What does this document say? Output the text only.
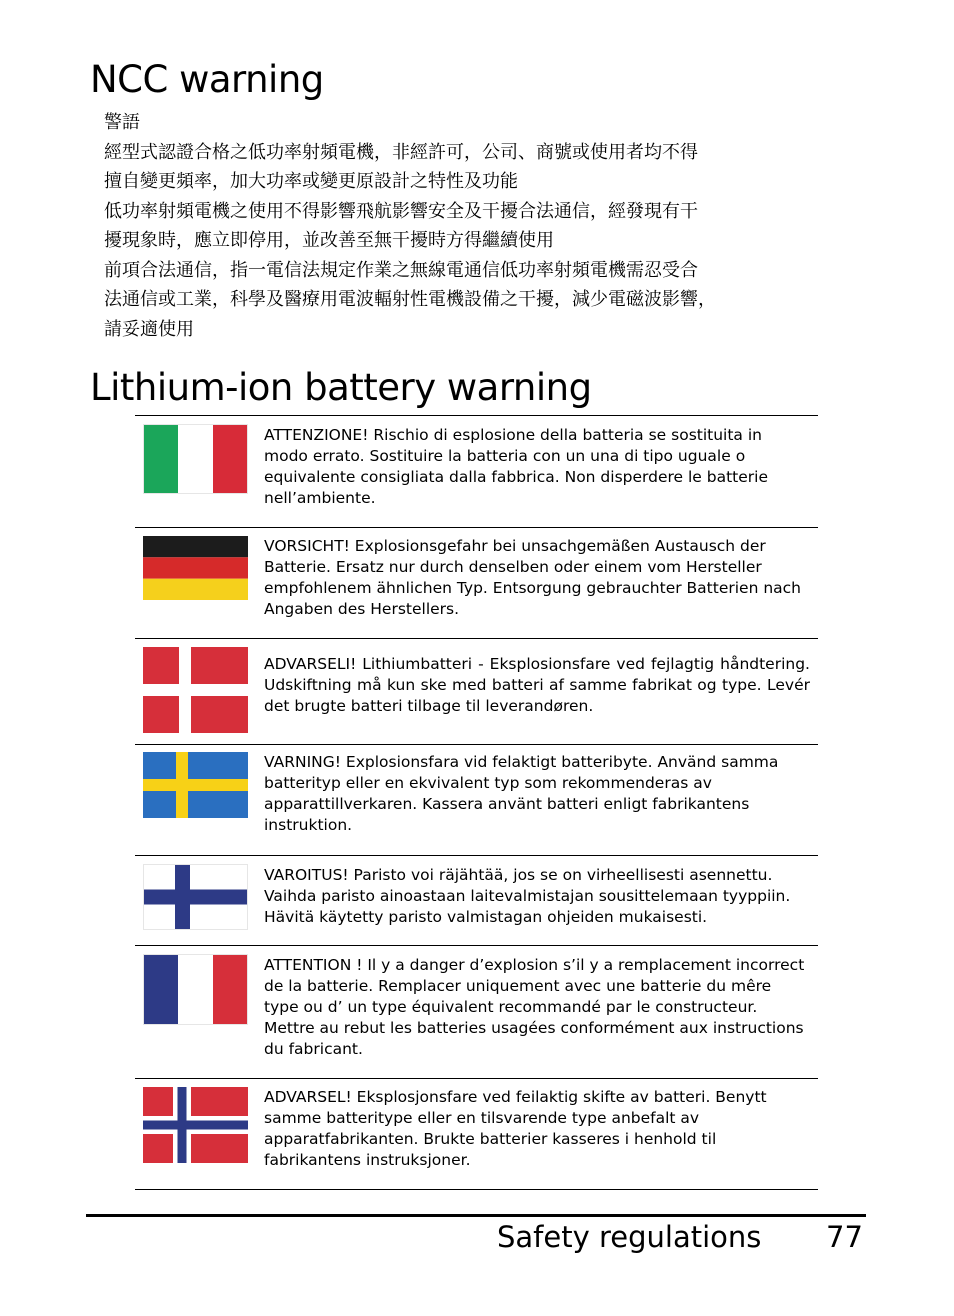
NCC warning

警語

經型式認證合格之低功率射頻電機，非經許可，公司、商號或使用者均不得

擅自變更頻率，加大功率或變更原設計之特性及功能

低功率射頻電機之使用不得影響飛航影響安全及干擾合法通信，經發現有干

擾現象時，應立即停用，並改善至無干擾時方得繼續使用

前項合法通信，指一電信法規定作業之無線電通信低功率射頻電機需忍受合

法通信或工業，科學及醫療用電波輻射性電機設備之干擾，減少電磁波影響，

請妥適使用

Lithium-ion battery warning
ATTENZIONE! Rischio di esplosione della batteria se sostituita in modo errato. Sostituire la batteria con un una di tipo uguale o equivalente consigliata dalla fabbrica. Non disperdere le batterie nell’ambiente.
VORSICHT! Explosionsgefahr bei unsachgemäßen Austausch der Batterie. Ersatz nur durch denselben oder einem vom Hersteller empfohlenem ähnlichen Typ. Entsorgung gebrauchter Batterien nach Angaben des Herstellers.
ADVARSELI! Lithiumbatteri - Eksplosionsfare ved fejlagtig håndtering. Udskiftning må kun ske med batteri af samme fabrikat og type. Levér det brugte batteri tilbage til leverandøren.
VARNING! Explosionsfara vid felaktigt batteribyte. Använd samma batterityp eller en ekvivalent typ som rekommenderas av apparattillverkaren. Kassera använt batteri enligt fabrikantens instruktion.
VAROITUS! Paristo voi räjähtää, jos se on virheellisesti asennettu. Vaihda paristo ainoastaan laitevalmistajan sousittelemaan tyyppiin. Hävitä käytetty paristo valmistagan ohjeiden mukaisesti.
ATTENTION ! Il y a danger d’explosion s’il y a remplacement incorrect de la batterie. Remplacer uniquement avec une batterie du mêre type ou d’ un type équivalent recommandé par le constructeur. Mettre au rebut les batteries usagées conformément aux instructions du fabricant.
ADVARSEL! Eksplosjonsfare ved feilaktig skifte av batteri. Benytt samme batteritype eller en tilsvarende type anbefalt av apparatfabrikanten. Brukte batterier kasseres i henhold til fabrikantens instruksjoner.
Safety regulations 77
